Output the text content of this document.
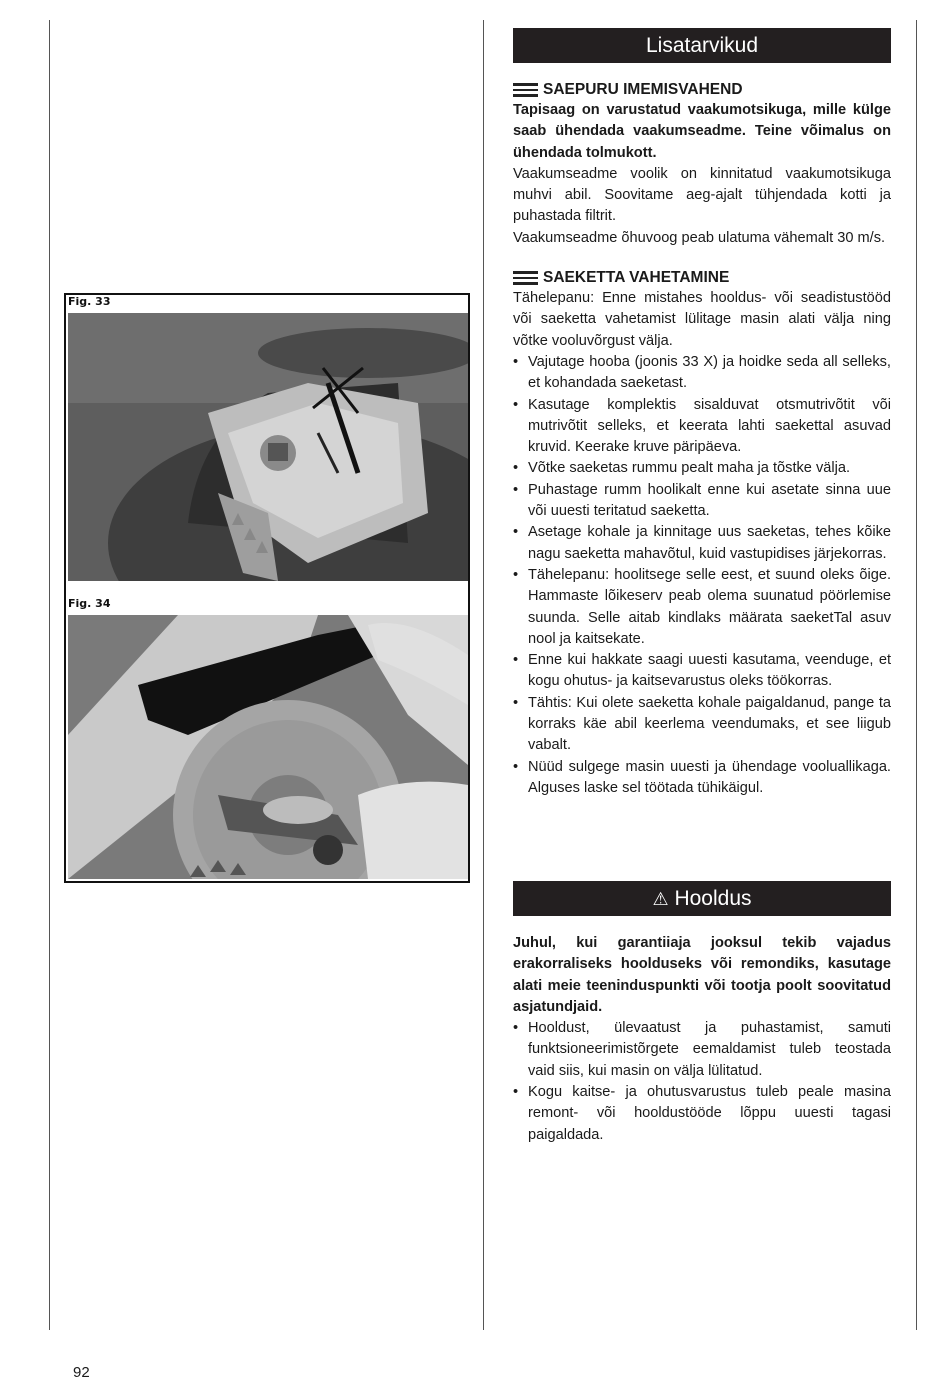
Fig. 33
Fig. 34
Lisatarvikud
SAEPURU IMEMISVAHEND

Tapisaag on varustatud vaakumotsikuga, mille külge saab ühendada vaakumseadme. Teine võimalus on ühendada tolmukott.

Vaakumseadme voolik on kinnitatud vaakumotsikuga muhvi abil. Soovitame aeg-ajalt tühjendada kotti ja puhastada filtrit.

Vaakumseadme õhuvoog peab ulatuma vähemalt 30 m/s.

SAEKETTA VAHETAMINE

Tähelepanu: Enne mistahes hooldus- või seadistustööd või saeketta vahetamist lülitage masin alati välja ning võtke vooluvõrgust välja.

• Vajutage hooba (joonis 33 X) ja hoidke seda all selleks, et kohandada saeketast.
• Kasutage komplektis sisalduvat otsmutrivõtit või mutrivõtit selleks, et keerata lahti saekettal asuvad kruvid. Keerake kruve päripäeva.
• Võtke saeketas rummu pealt maha ja tõstke välja.
• Puhastage rumm hoolikalt enne kui asetate sinna uue või uuesti teritatud saeketta.
• Asetage kohale ja kinnitage uus saeketas, tehes kõike nagu saeketta mahavõtul, kuid vastupidises järjekorras.
• Tähelepanu: hoolitsege selle eest, et suund oleks õige. Hammaste lõikeserv peab olema suunatud pöörlemise suunda. Selle aitab kindlaks määrata saeketTal asuv nool ja kaitsekate.
• Enne kui hakkate saagi uuesti kasutama, veenduge, et kogu ohutus- ja kaitsevarustus oleks töökorras.
• Tähtis: Kui olete saeketta kohale paigaldanud, pange ta korraks käe abil keerlema veendumaks, et see liigub vabalt.
• Nüüd sulgege masin uuesti ja ühendage vooluallikaga. Alguses laske sel töötada tühikäigul.
⚠ Hooldus

Juhul, kui garantiiaja jooksul tekib vajadus erakorraliseks hoolduseks või remondiks, kasutage alati meie teeninduspunkti või tootja poolt soovitatud asjatundjaid.

• Hooldust, ülevaatust ja puhastamist, samuti funktsioneerimistõrgete eemaldamist tuleb teostada vaid siis, kui masin on välja lülitatud.
• Kogu kaitse- ja ohutusvarustus tuleb peale masina remont- või hooldustööde lõppu uuesti tagasi paigaldada.
92
